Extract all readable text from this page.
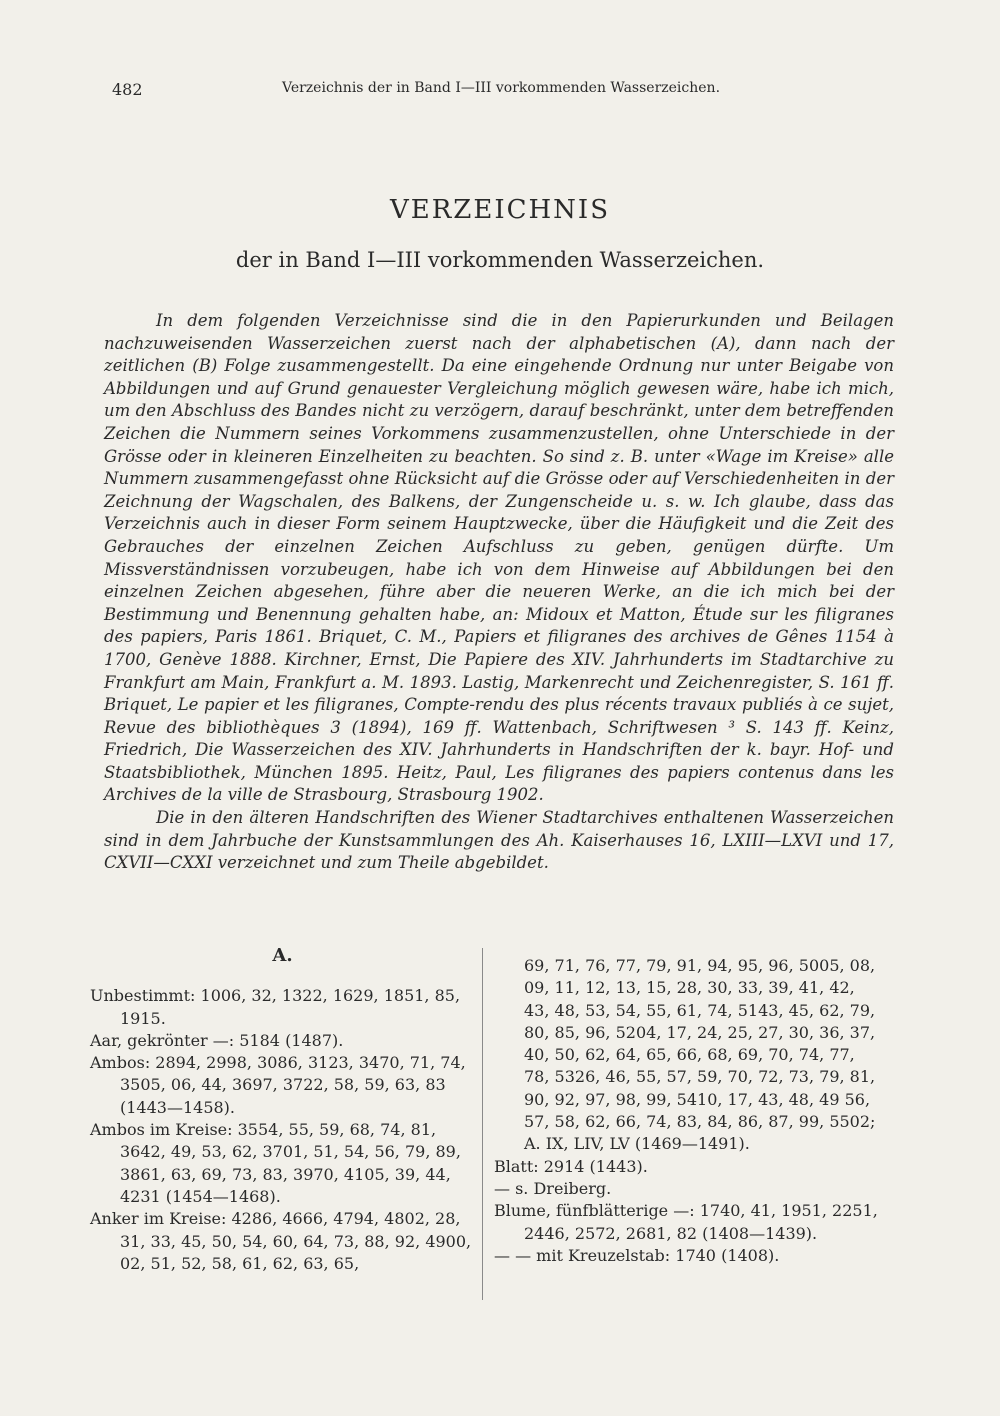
482	Verzeichnis der in Band I—III vorkommenden Wasserzeichen.
VERZEICHNIS
der in Band I—III vorkommenden Wasserzeichen.

In dem folgenden Verzeichnisse sind die in den Papierurkunden und Beilagen nachzuweisenden Wasserzeichen zuerst nach der alphabetischen (A), dann nach der zeitlichen (B) Folge zusammengestellt. Da eine eingehende Ordnung nur unter Beigabe von Abbildungen und auf Grund genauester Vergleichung möglich gewesen wäre, habe ich mich, um den Abschluss des Bandes nicht zu verzögern, darauf beschränkt, unter dem betreffenden Zeichen die Nummern seines Vorkommens zusammenzustellen, ohne Unterschiede in der Grösse oder in kleineren Einzelheiten zu beachten. So sind z. B. unter «Wage im Kreise» alle Nummern zusammengefasst ohne Rücksicht auf die Grösse oder auf Verschiedenheiten in der Zeichnung der Wagschalen, des Balkens, der Zungenscheide u. s. w. Ich glaube, dass das Verzeichnis auch in dieser Form seinem Hauptzwecke, über die Häufigkeit und die Zeit des Gebrauches der einzelnen Zeichen Aufschluss zu geben, genügen dürfte. Um Missverständnissen vorzubeugen, habe ich von dem Hinweise auf Abbildungen bei den einzelnen Zeichen abgesehen, führe aber die neueren Werke, an die ich mich bei der Bestimmung und Benennung gehalten habe, an: Midoux et Matton, Étude sur les filigranes des papiers, Paris 1861. Briquet, C. M., Papiers et filigranes des archives de Gênes 1154 à 1700, Genève 1888. Kirchner, Ernst, Die Papiere des XIV. Jahrhunderts im Stadtarchive zu Frankfurt am Main, Frankfurt a. M. 1893. Lastig, Markenrecht und Zeichenregister, S. 161 ff. Briquet, Le papier et les filigranes, Compte-rendu des plus récents travaux publiés à ce sujet, Revue des bibliothèques 3 (1894), 169 ff. Wattenbach, Schriftwesen ³ S. 143 ff. Keinz, Friedrich, Die Wasserzeichen des XIV. Jahrhunderts in Handschriften der k. bayr. Hof- und Staatsbibliothek, München 1895. Heitz, Paul, Les filigranes des papiers contenus dans les Archives de la ville de Strasbourg, Strasbourg 1902.

Die in den älteren Handschriften des Wiener Stadtarchives enthaltenen Wasserzeichen sind in dem Jahrbuche der Kunstsammlungen des Ah. Kaiserhauses 16, LXIII—LXVI und 17, CXVII—CXXI verzeichnet und zum Theile abgebildet.

A.

Unbestimmt: 1006, 32, 1322, 1629, 1851, 85, 1915.

Aar, gekrönter —: 5184 (1487).

Ambos: 2894, 2998, 3086, 3123, 3470, 71, 74, 3505, 06, 44, 3697, 3722, 58, 59, 63, 83 (1443—1458).

Ambos im Kreise: 3554, 55, 59, 68, 74, 81, 3642, 49, 53, 62, 3701, 51, 54, 56, 79, 89, 3861, 63, 69, 73, 83, 3970, 4105, 39, 44, 4231 (1454—1468).

Anker im Kreise: 4286, 4666, 4794, 4802, 28, 31, 33, 45, 50, 54, 60, 64, 73, 88, 92, 4900, 02, 51, 52, 58, 61, 62, 63, 65,

69, 71, 76, 77, 79, 91, 94, 95, 96, 5005, 08, 09, 11, 12, 13, 15, 28, 30, 33, 39, 41, 42, 43, 48, 53, 54, 55, 61, 74, 5143, 45, 62, 79, 80, 85, 96, 5204, 17, 24, 25, 27, 30, 36, 37, 40, 50, 62, 64, 65, 66, 68, 69, 70, 74, 77, 78, 5326, 46, 55, 57, 59, 70, 72, 73, 79, 81, 90, 92, 97, 98, 99, 5410, 17, 43, 48, 49 56, 57, 58, 62, 66, 74, 83, 84, 86, 87, 99, 5502; A. IX, LIV, LV (1469—1491).

Blatt: 2914 (1443).

— s. Dreiberg.

Blume, fünfblätterige —: 1740, 41, 1951, 2251, 2446, 2572, 2681, 82 (1408—1439).

— — mit Kreuzelstab: 1740 (1408).
